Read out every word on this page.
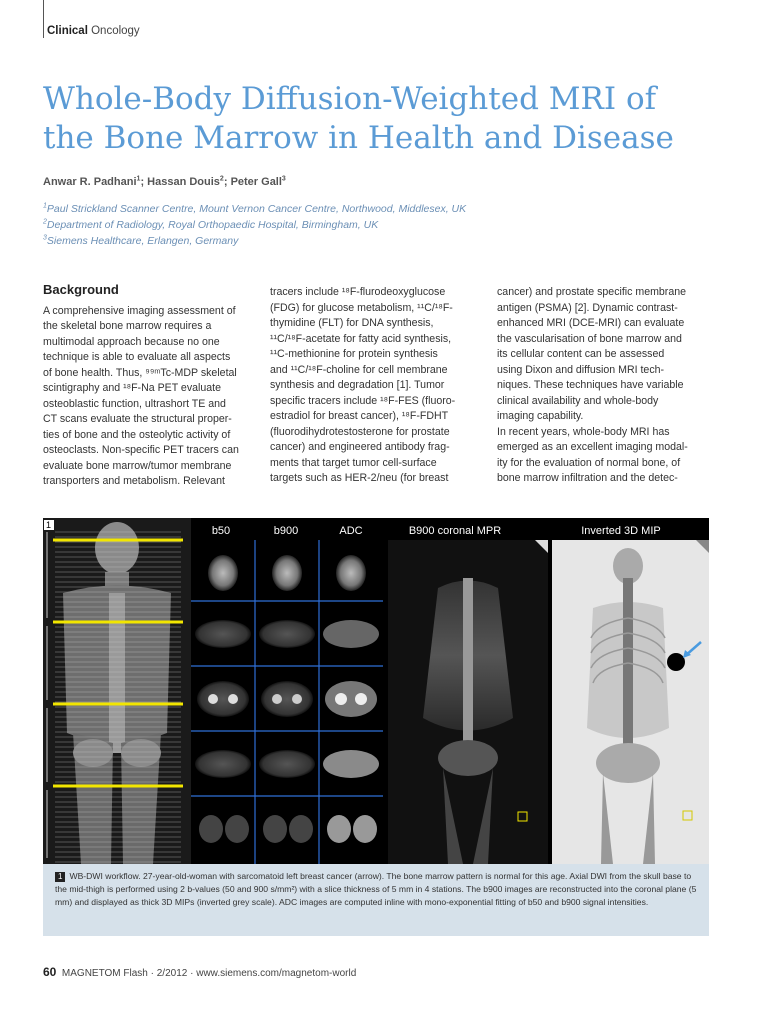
Clinical Oncology
Whole-Body Diffusion-Weighted MRI of
the Bone Marrow in Health and Disease
Anwar R. Padhani$^1$; Hassan Douis$^2$; Peter Gall$^3$
$^1$Paul Strickland Scanner Centre, Mount Vernon Cancer Centre, Northwood, Middlesex, UK
$^2$Department of Radiology, Royal Orthopaedic Hospital, Birmingham, UK
$^3$Siemens Healthcare, Erlangen, Germany
Background
A comprehensive imaging assessment of
the skeletal bone marrow requires a
multimodal approach because no one
technique is able to evaluate all aspects
of bone health. Thus, ⁹⁹ᵐTc-MDP skeletal
scintigraphy and ¹⁸F-Na PET evaluate
osteoblastic function, ultrashort TE and
CT scans evaluate the structural proper-
ties of bone and the osteolytic activity of
osteoclasts. Non-specific PET tracers can
evaluate bone marrow/tumor membrane
transporters and metabolism. Relevant
tracers include ¹⁸F-flurodeoxyglucose
(FDG) for glucose metabolism, ¹¹C/¹⁸F-
thymidine (FLT) for DNA synthesis,
¹¹C/¹⁸F-acetate for fatty acid synthesis,
¹¹C-methionine for protein synthesis
and ¹¹C/¹⁸F-choline for cell membrane
synthesis and degradation [1]. Tumor
specific tracers include ¹⁸F-FES (fluoro-
estradiol for breast cancer), ¹⁸F-FDHT
(fluorodihydrotestosterone for prostate
cancer) and engineered antibody frag-
ments that target tumor cell-surface
targets such as HER-2/neu (for breast
cancer) and prostate specific membrane
antigen (PSMA) [2]. Dynamic contrast-
enhanced MRI (DCE-MRI) can evaluate
the vascularisation of bone marrow and
its cellular content can be assessed
using Dixon and diffusion MRI tech-
niques. These techniques have variable
clinical availability and whole-body
imaging capability.
In recent years, whole-body MRI has
emerged as an excellent imaging modal-
ity for the evaluation of normal bone, of
bone marrow infiltration and the detec-
1	b50	b900	ADC	B900 coronal MPR	Inverted 3D MIP
1 WB-DWI workflow. 27-year-old-woman with sarcomatoid left breast cancer (arrow). The bone marrow pattern is normal for this age. Axial DWI from the skull base to the mid-thigh is performed using 2 b-values (50 and 900 s/mm²) with a slice thickness of 5 mm in 4 stations. The b900 images are reconstructed into the coronal plane (5 mm) and displayed as thick 3D MIPs (inverted grey scale). ADC images are computed inline with mono-exponential fitting of b50 and b900 signal intensities.
60 MAGNETOM Flash · 2/2012 · www.siemens.com/magnetom-world
